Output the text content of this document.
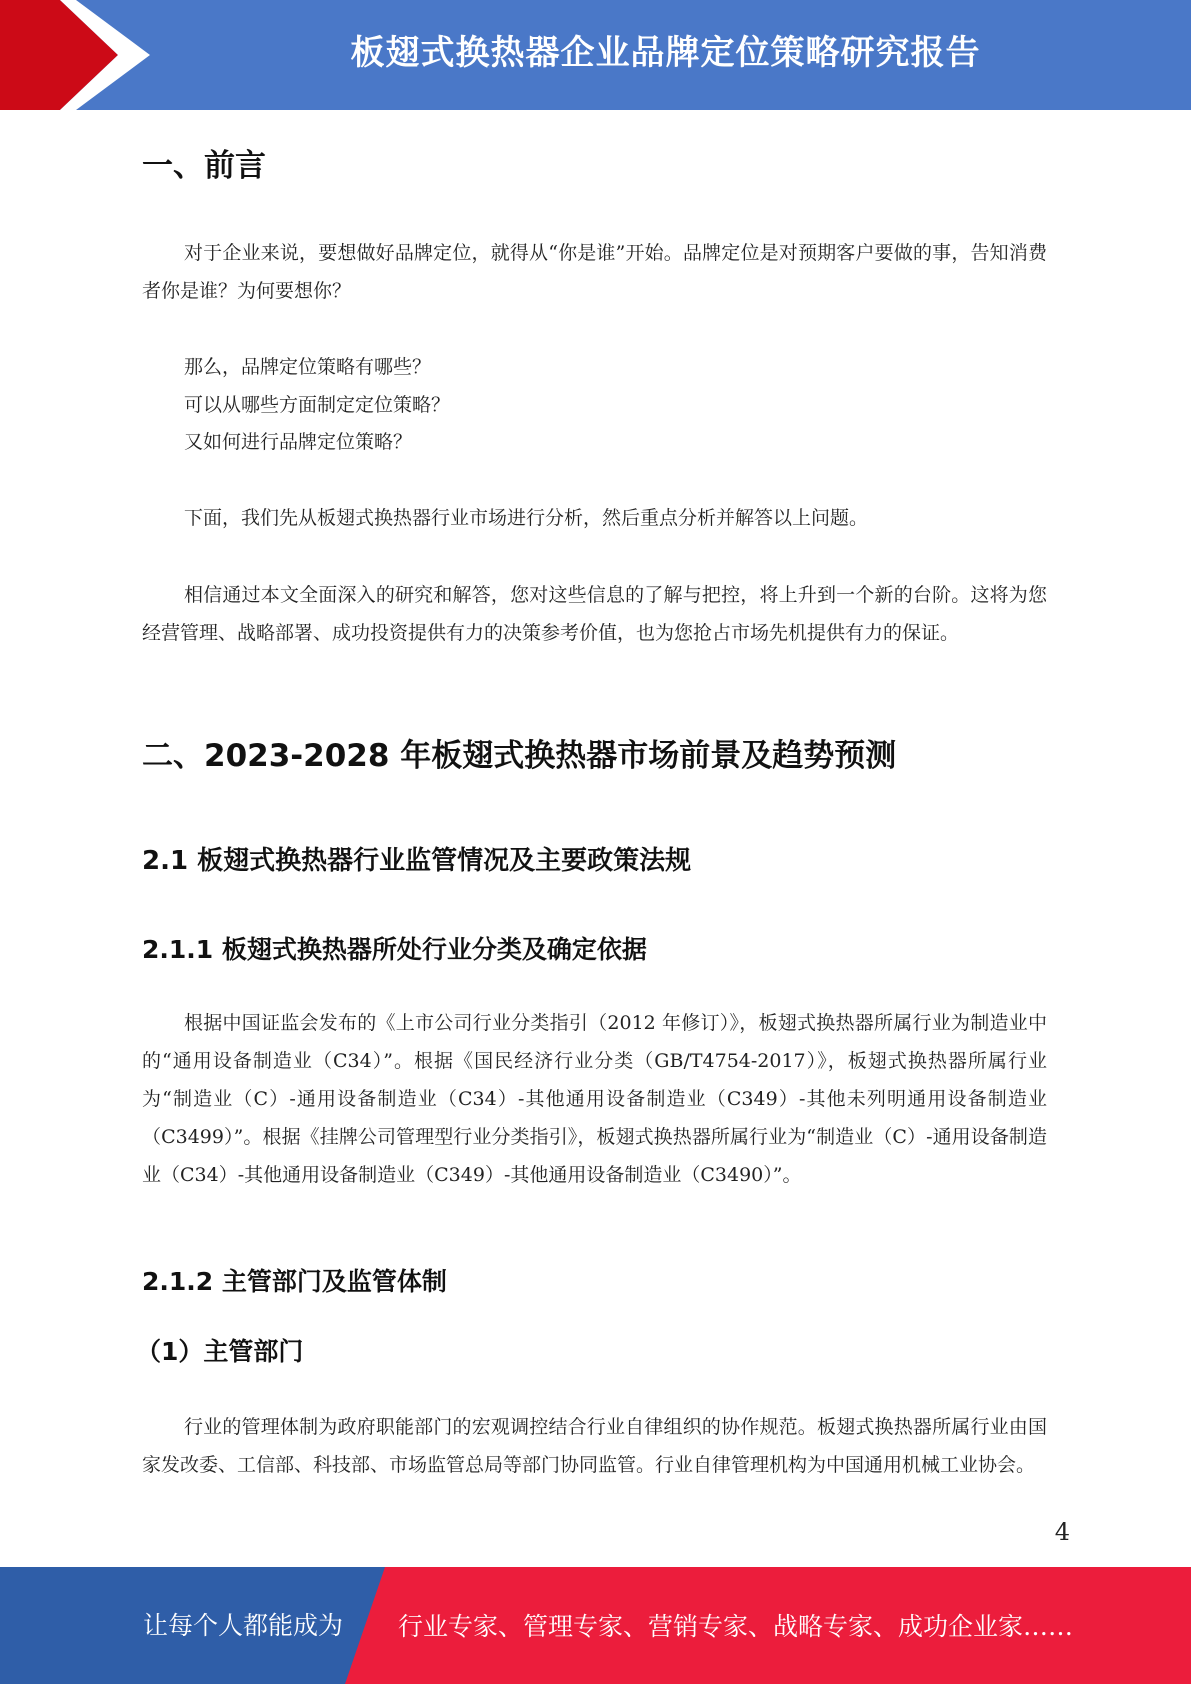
板翅式换热器企业品牌定位策略研究报告
一、前言

对于企业来说，要想做好品牌定位，就得从“你是谁”开始。品牌定位是对预期客户要做的事，告知消费者你是谁？为何要想你？

那么，品牌定位策略有哪些？
可以从哪些方面制定定位策略？
又如何进行品牌定位策略？

下面，我们先从板翅式换热器行业市场进行分析，然后重点分析并解答以上问题。

相信通过本文全面深入的研究和解答，您对这些信息的了解与把控，将上升到一个新的台阶。这将为您经营管理、战略部署、成功投资提供有力的决策参考价值，也为您抢占市场先机提供有力的保证。

二、2023-2028 年板翅式换热器市场前景及趋势预测
2.1 板翅式换热器行业监管情况及主要政策法规
2.1.1 板翅式换热器所处行业分类及确定依据

根据中国证监会发布的《上市公司行业分类指引（2012 年修订）》，板翅式换热器所属行业为制造业中的“通用设备制造业（C34）”。根据《国民经济行业分类（GB/T4754-2017）》，板翅式换热器所属行业为“制造业（C）-通用设备制造业（C34）-其他通用设备制造业（C349）-其他未列明通用设备制造业（C3499）”。根据《挂牌公司管理型行业分类指引》，板翅式换热器所属行业为“制造业（C）-通用设备制造业（C34）-其他通用设备制造业（C349）-其他通用设备制造业（C3490）”。

2.1.2 主管部门及监管体制
（1）主管部门

行业的管理体制为政府职能部门的宏观调控结合行业自律组织的协作规范。板翅式换热器所属行业由国家发改委、工信部、科技部、市场监管总局等部门协同监管。行业自律管理机构为中国通用机械工业协会。

4
让每个人都能成为 行业专家、管理专家、营销专家、战略专家、成功企业家……
